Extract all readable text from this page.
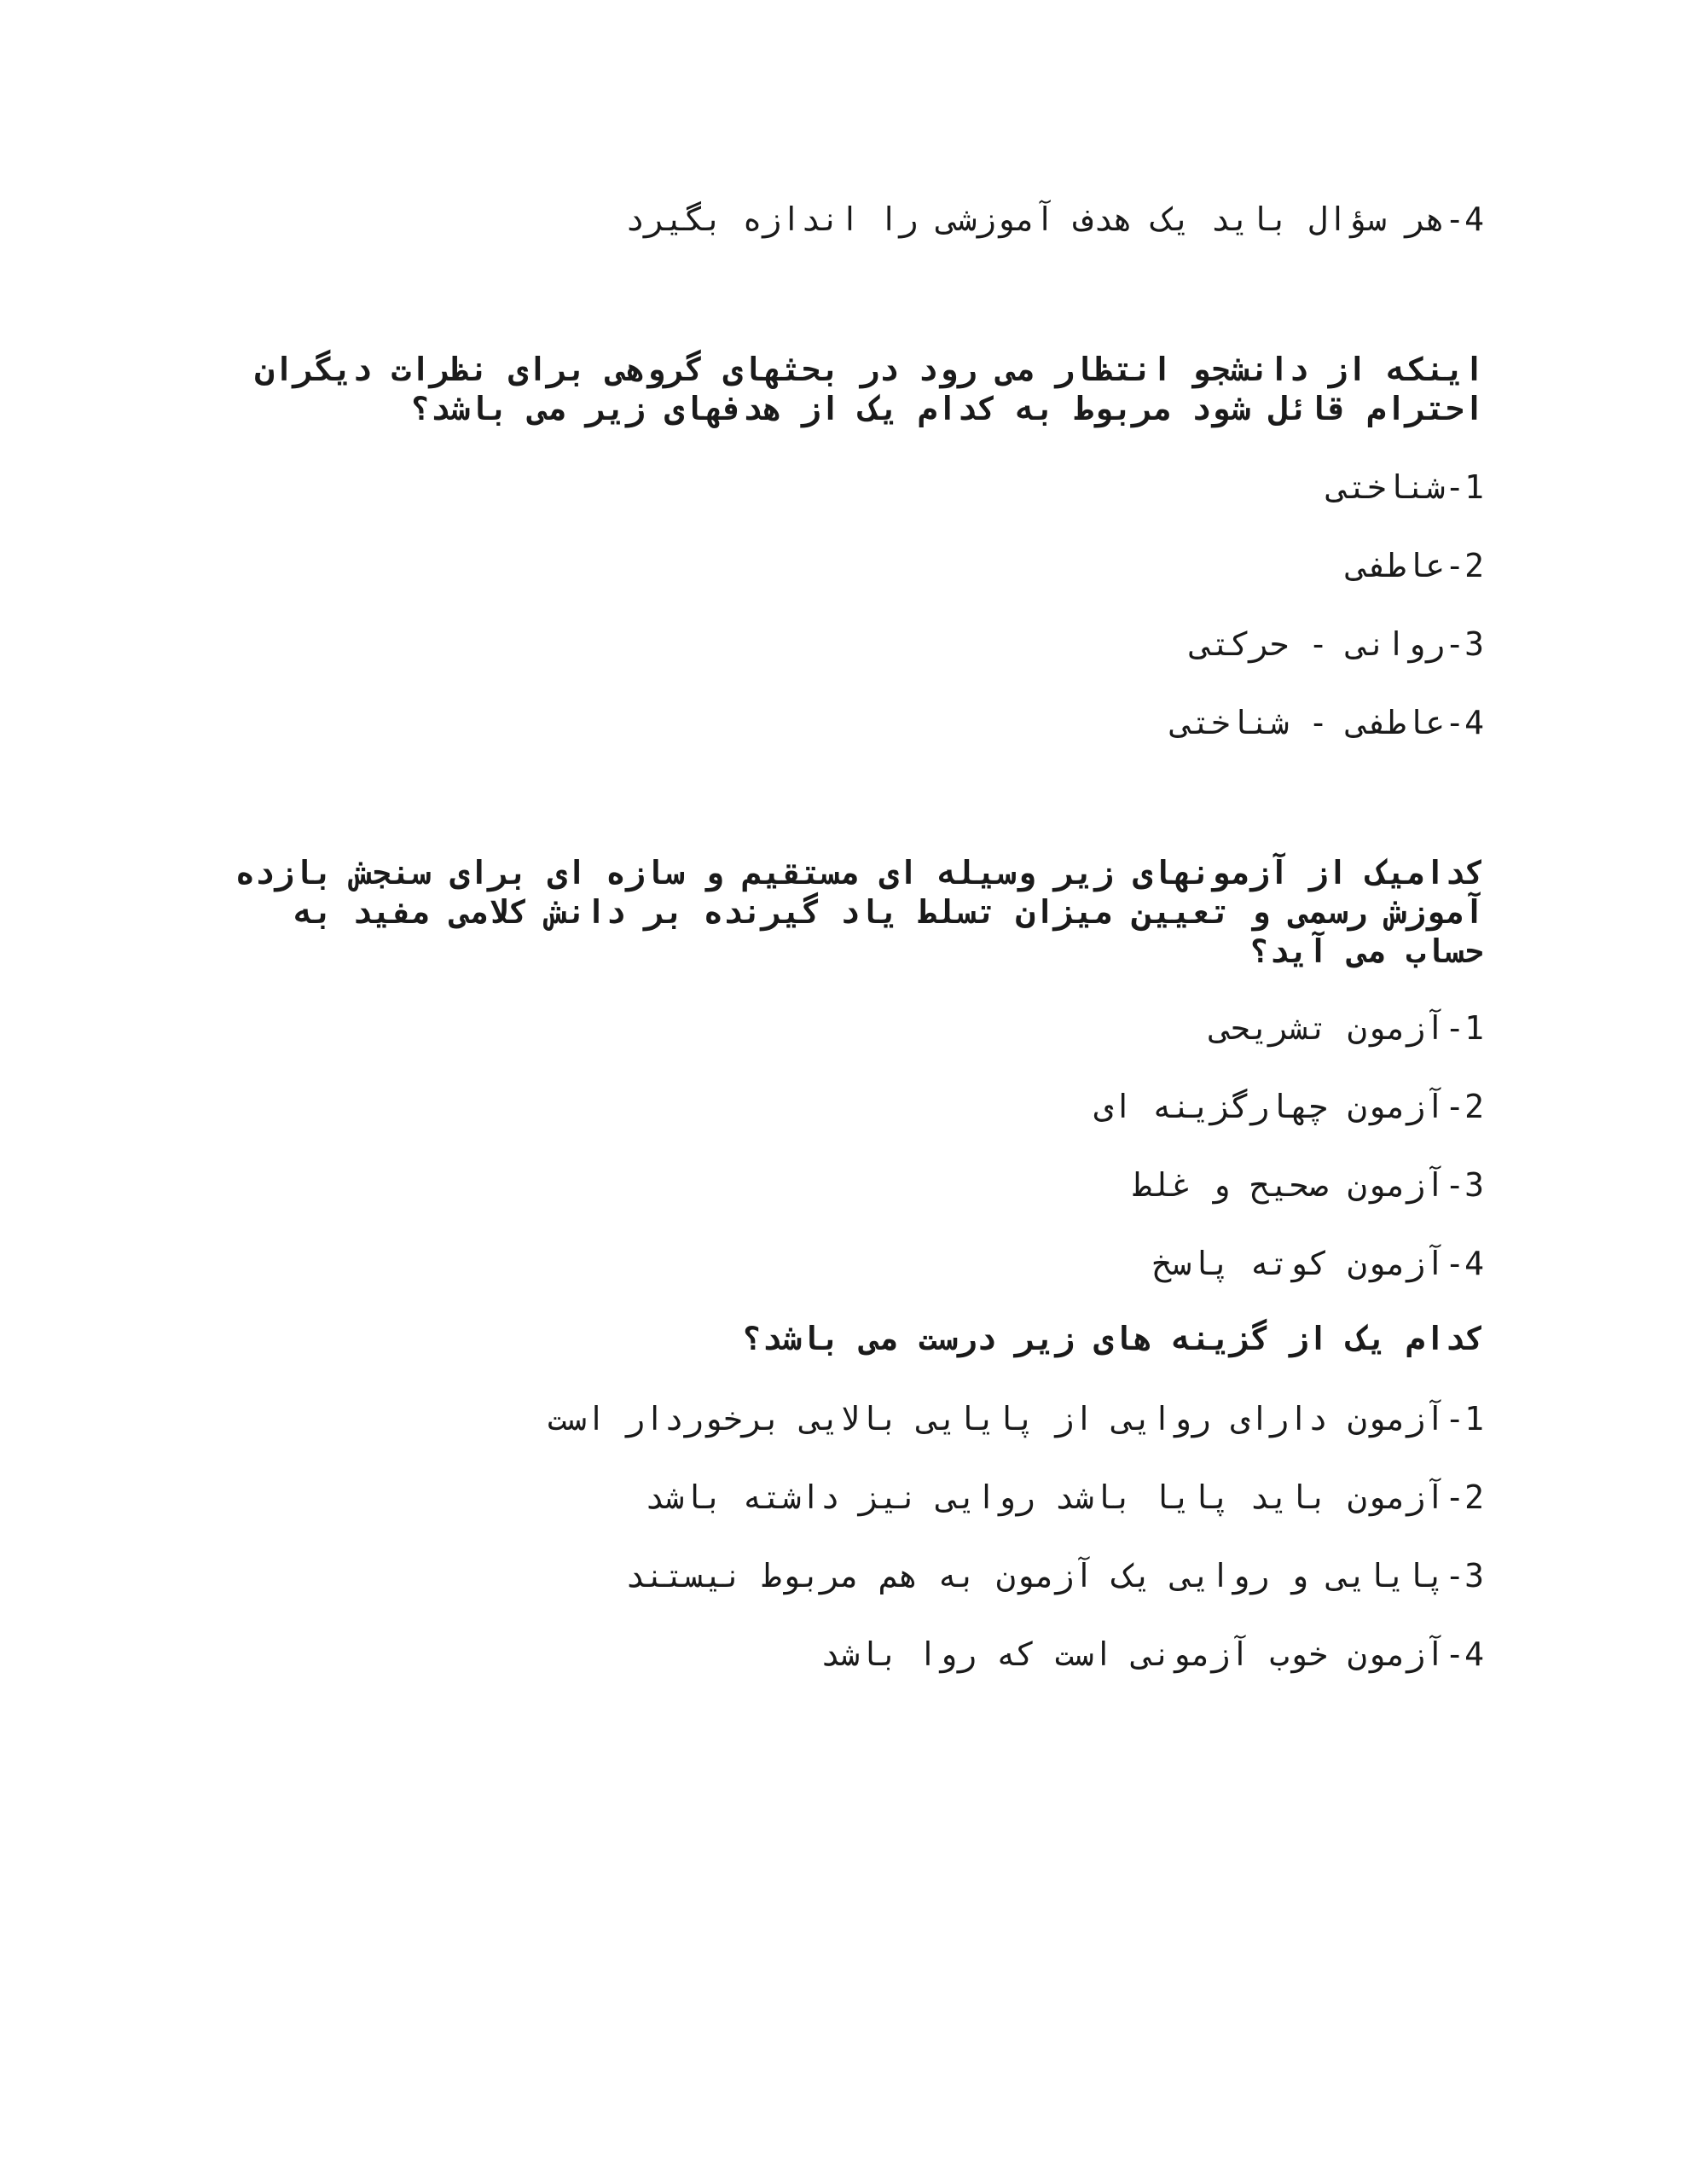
4-هر سؤال باید یک هدف آموزشی را اندازه بگیرد
اینکه از دانشجو انتظار می رود در بحثهای گروهی برای نظرات دیگران
احترام قائل شود مربوط به کدام یک از هدفهای زیر می باشد؟
1-شناختی
2-عاطفی
3-روانی - حرکتی
4-عاطفی - شناختی
کدامیک از آزمونهای زیر وسیله ای مستقیم و سازه ای برای سنجش بازده
آموزش رسمی و تعیین میزان تسلط یاد گیرنده بر دانش کلامی مفید به
حساب می آید؟
1-آزمون تشریحی
2-آزمون چهارگزینه ای
3-آزمون صحیح و غلط
4-آزمون کوته پاسخ
کدام یک از گزینه های زیر درست می باشد؟
1-آزمون دارای روایی از پایایی بالایی برخوردار است
2-آزمون باید پایا باشد روایی نیز داشته باشد
3-پایایی و روایی یک آزمون به هم مربوط نیستند
4-آزمون خوب آزمونی است که روا باشد
